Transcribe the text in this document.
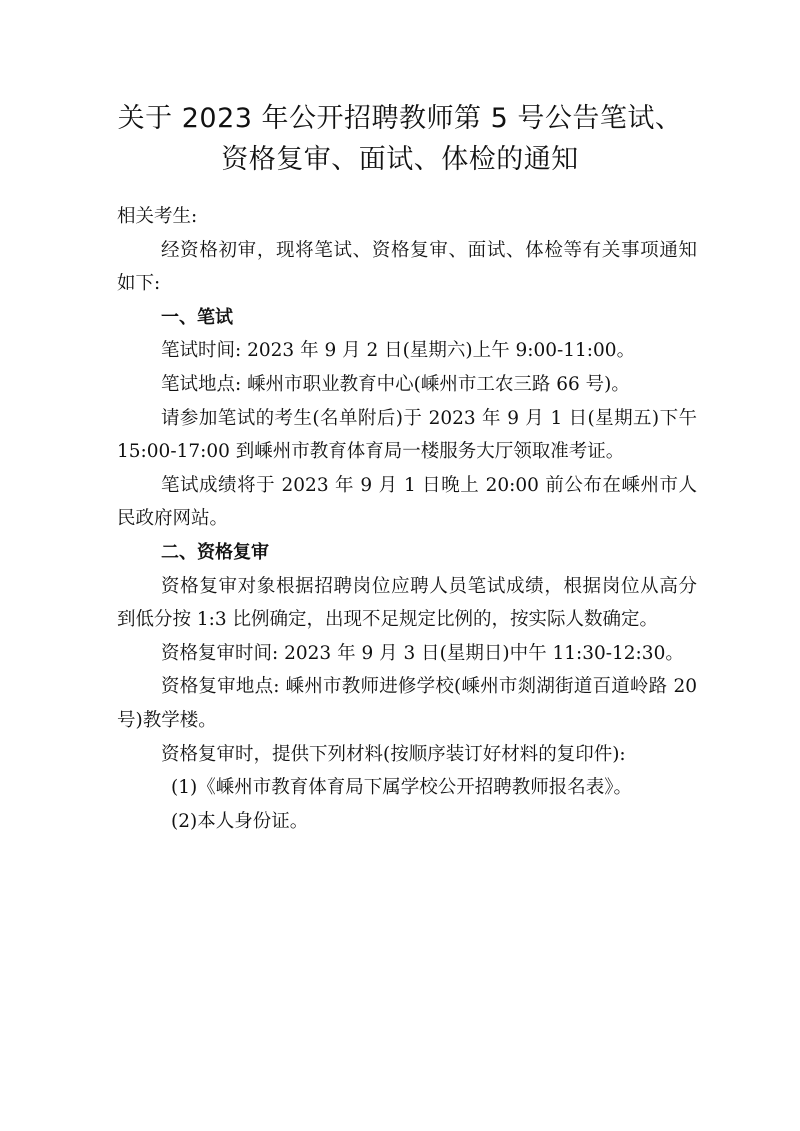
关于 2023 年公开招聘教师第 5 号公告笔试、
资格复审、面试、体检的通知

相关考生:

经资格初审，现将笔试、资格复审、面试、体检等有关事项通知如下:

一、笔试

笔试时间: 2023 年 9 月 2 日(星期六)上午 9:00-11:00。

笔试地点: 嵊州市职业教育中心(嵊州市工农三路 66 号)。

请参加笔试的考生(名单附后)于 2023 年 9 月 1 日(星期五)下午 15:00-17:00 到嵊州市教育体育局一楼服务大厅领取准考证。

笔试成绩将于 2023 年 9 月 1 日晚上 20:00 前公布在嵊州市人民政府网站。

二、资格复审

资格复审对象根据招聘岗位应聘人员笔试成绩，根据岗位从高分到低分按 1:3 比例确定，出现不足规定比例的，按实际人数确定。

资格复审时间: 2023 年 9 月 3 日(星期日)中午 11:30-12:30。

资格复审地点: 嵊州市教师进修学校(嵊州市剡湖街道百道岭路 20 号)教学楼。

资格复审时，提供下列材料(按顺序装订好材料的复印件):

(1)《嵊州市教育体育局下属学校公开招聘教师报名表》。

(2)本人身份证。
